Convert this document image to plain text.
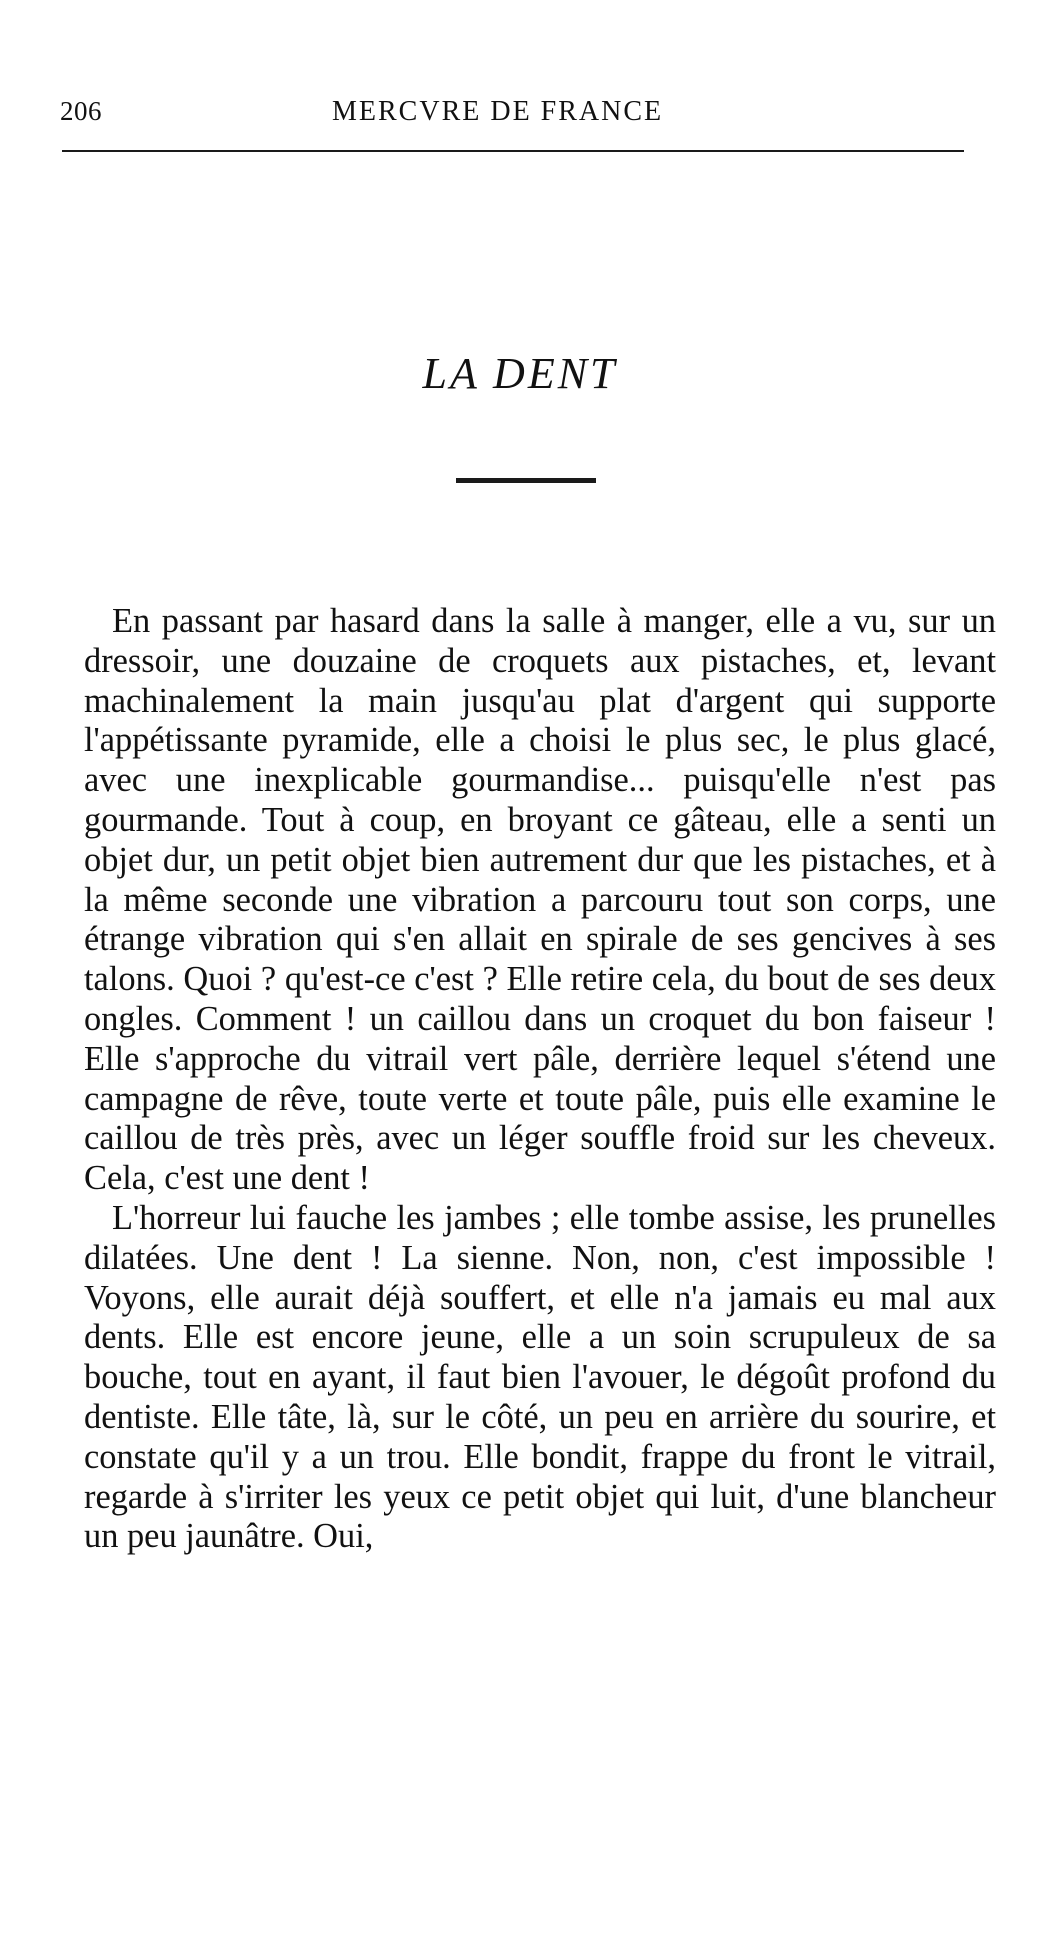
206	MERCVRE DE FRANCE
LA DENT

En passant par hasard dans la salle à manger, elle a vu, sur un dressoir, une douzaine de croquets aux pistaches, et, levant machinalement la main jusqu'au plat d'argent qui supporte l'appétissante pyramide, elle a choisi le plus sec, le plus glacé, avec une inexplicable gourmandise... puisqu'elle n'est pas gourmande. Tout à coup, en broyant ce gâteau, elle a senti un objet dur, un petit objet bien autrement dur que les pistaches, et à la même seconde une vibration a parcouru tout son corps, une étrange vibration qui s'en allait en spirale de ses gencives à ses talons. Quoi ? qu'est-ce c'est ? Elle retire cela, du bout de ses deux ongles. Comment ! un caillou dans un croquet du bon faiseur ! Elle s'approche du vitrail vert pâle, derrière lequel s'étend une campagne de rêve, toute verte et toute pâle, puis elle examine le caillou de très près, avec un léger souffle froid sur les cheveux. Cela, c'est une dent !

L'horreur lui fauche les jambes ; elle tombe assise, les prunelles dilatées. Une dent ! La sienne. Non, non, c'est impossible ! Voyons, elle aurait déjà souffert, et elle n'a jamais eu mal aux dents. Elle est encore jeune, elle a un soin scrupuleux de sa bouche, tout en ayant, il faut bien l'avouer, le dégoût profond du dentiste. Elle tâte, là, sur le côté, un peu en arrière du sourire, et constate qu'il y a un trou. Elle bondit, frappe du front le vitrail, regarde à s'irriter les yeux ce petit objet qui luit, d'une blancheur un peu jaunâtre. Oui,
